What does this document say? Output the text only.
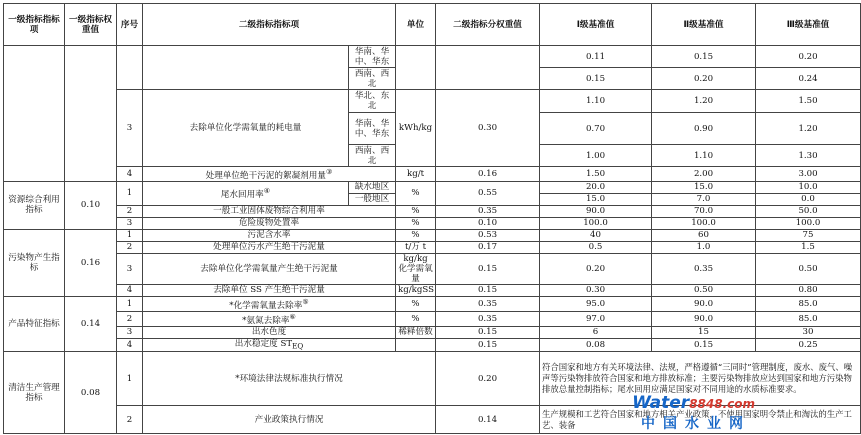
一级指标指标项	一级指标权重值	序号	二级指标指标项		单位	二级指标分权重值	Ⅰ级基准值	Ⅱ级基准值	Ⅲ级基准值
				华南、华中、华东			0.11	0.15	0.20
				西南、西北			0.15	0.20	0.24
		3	去除单位化学需氧量的耗电量	华北、东北	kWh/kg	0.30	1.10	1.20	1.50
				华南、华中、华东			0.70	0.90	1.20
				西南、西北			1.00	1.10	1.30
		4	处理单位绝干污泥的絮凝剂用量③		kg/t	0.16	1.50	2.00	3.00
资源综合利用指标	0.10	1	尾水回用率④	缺水地区	%	0.55	20.0	15.0	10.0
				一般地区			15.0	7.0	0.0
		2	一般工业固体废物综合利用率		%	0.35	90.0	70.0	50.0
		3	危险废物处置率		%	0.10	100.0	100.0	100.0
污染物产生指标	0.16	1	污泥含水率		%	0.53	40	60	75
		2	处理单位污水产生绝干污泥量		t/万 t	0.17	0.5	1.0	1.5
		3	去除单位化学需氧量产生绝干污泥量		kg/kg 化学需氧量	0.15	0.20	0.35	0.50
		4	去除单位 SS 产生绝干污泥量		kg/kgSS	0.15	0.30	0.50	0.80
产品特征指标	0.14	1	*化学需氧量去除率⑤		%	0.35	95.0	90.0	85.0
		2	*氨氮去除率⑥		%	0.35	97.0	90.0	85.0
		3	出水色度		稀释倍数	0.15	6	15	30
		4	出水稳定度 $ST_{EQ}$			0.15	0.08	0.15	0.25
清洁生产管理指标	0.08	1	*环境法律法规标准执行情况			0.20	符合国家和地方有关环境法律、法规，严格遵循“三同时”管理制度，废水、废气、噪声等污染物排放符合国家和地方排放标准；主要污染物排放应达到国家和地方污染物排放总量控制指标；尾水回用应满足国家对不同用途的水质标准要求。		
		2	产业政策执行情况			0.14	生产规模和工艺符合国家和地方相关产业政策，不使用国家明令禁止和淘汰的生产工艺、装备		
Water8848.com
中国水业网
